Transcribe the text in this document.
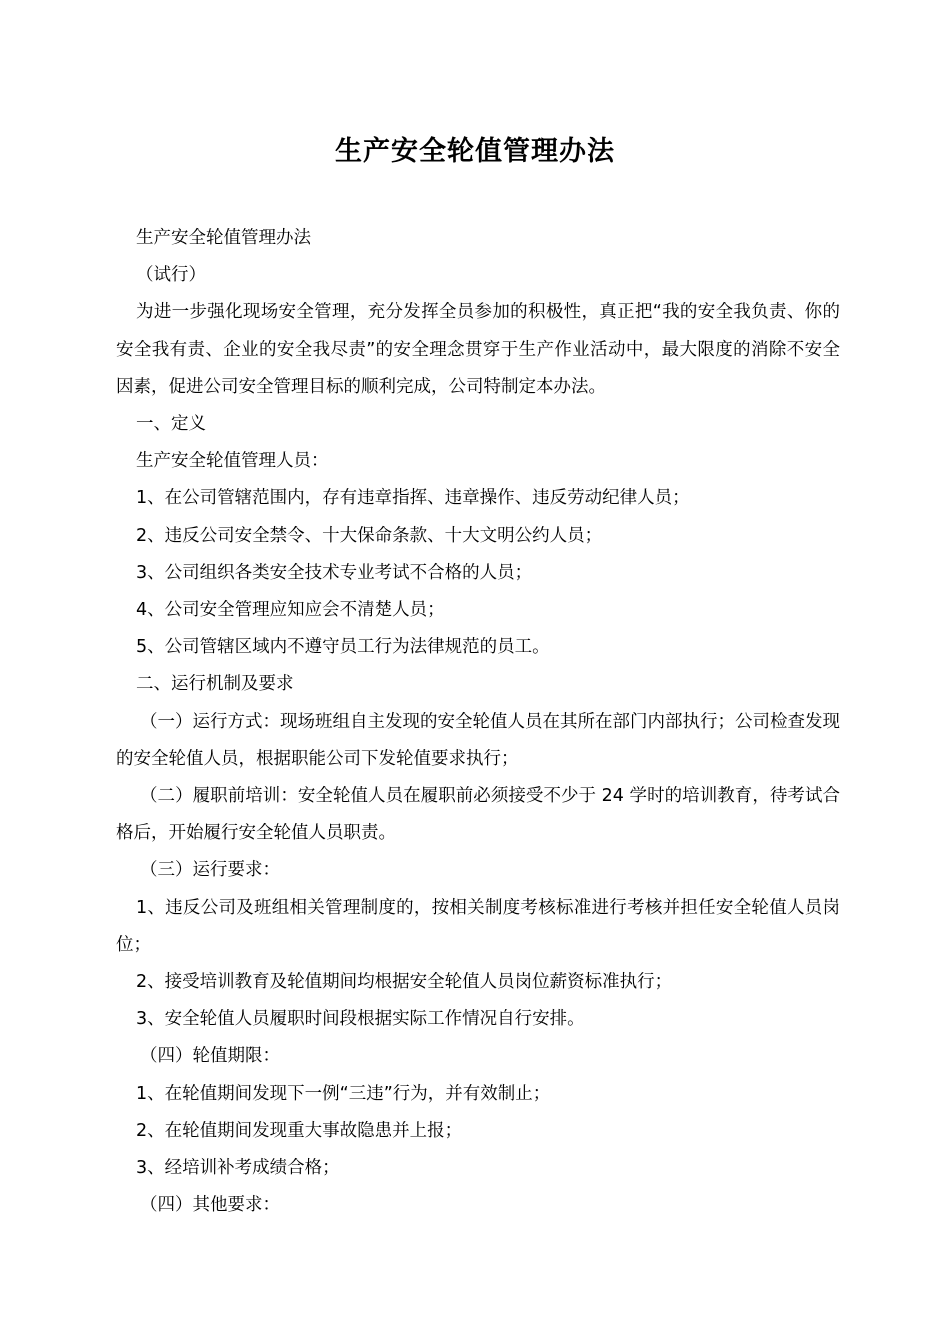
生产安全轮值管理办法

生产安全轮值管理办法

（试行）

为进一步强化现场安全管理，充分发挥全员参加的积极性，真正把“我的安全我负责、你的安全我有责、企业的安全我尽责”的安全理念贯穿于生产作业活动中，最大限度的消除不安全因素，促进公司安全管理目标的顺利完成，公司特制定本办法。

一、定义

生产安全轮值管理人员：

1、在公司管辖范围内，存有违章指挥、违章操作、违反劳动纪律人员；

2、违反公司安全禁令、十大保命条款、十大文明公约人员；

3、公司组织各类安全技术专业考试不合格的人员；

4、公司安全管理应知应会不清楚人员；

5、公司管辖区域内不遵守员工行为法律规范的员工。

二、运行机制及要求

（一）运行方式：现场班组自主发现的安全轮值人员在其所在部门内部执行；公司检查发现的安全轮值人员，根据职能公司下发轮值要求执行；

（二）履职前培训：安全轮值人员在履职前必须接受不少于 24 学时的培训教育，待考试合格后，开始履行安全轮值人员职责。

（三）运行要求：

1、违反公司及班组相关管理制度的，按相关制度考核标准进行考核并担任安全轮值人员岗位；

2、接受培训教育及轮值期间均根据安全轮值人员岗位薪资标准执行；

3、安全轮值人员履职时间段根据实际工作情况自行安排。

（四）轮值期限：

1、在轮值期间发现下一例“三违”行为，并有效制止；

2、在轮值期间发现重大事故隐患并上报；

3、经培训补考成绩合格；

（四）其他要求：
